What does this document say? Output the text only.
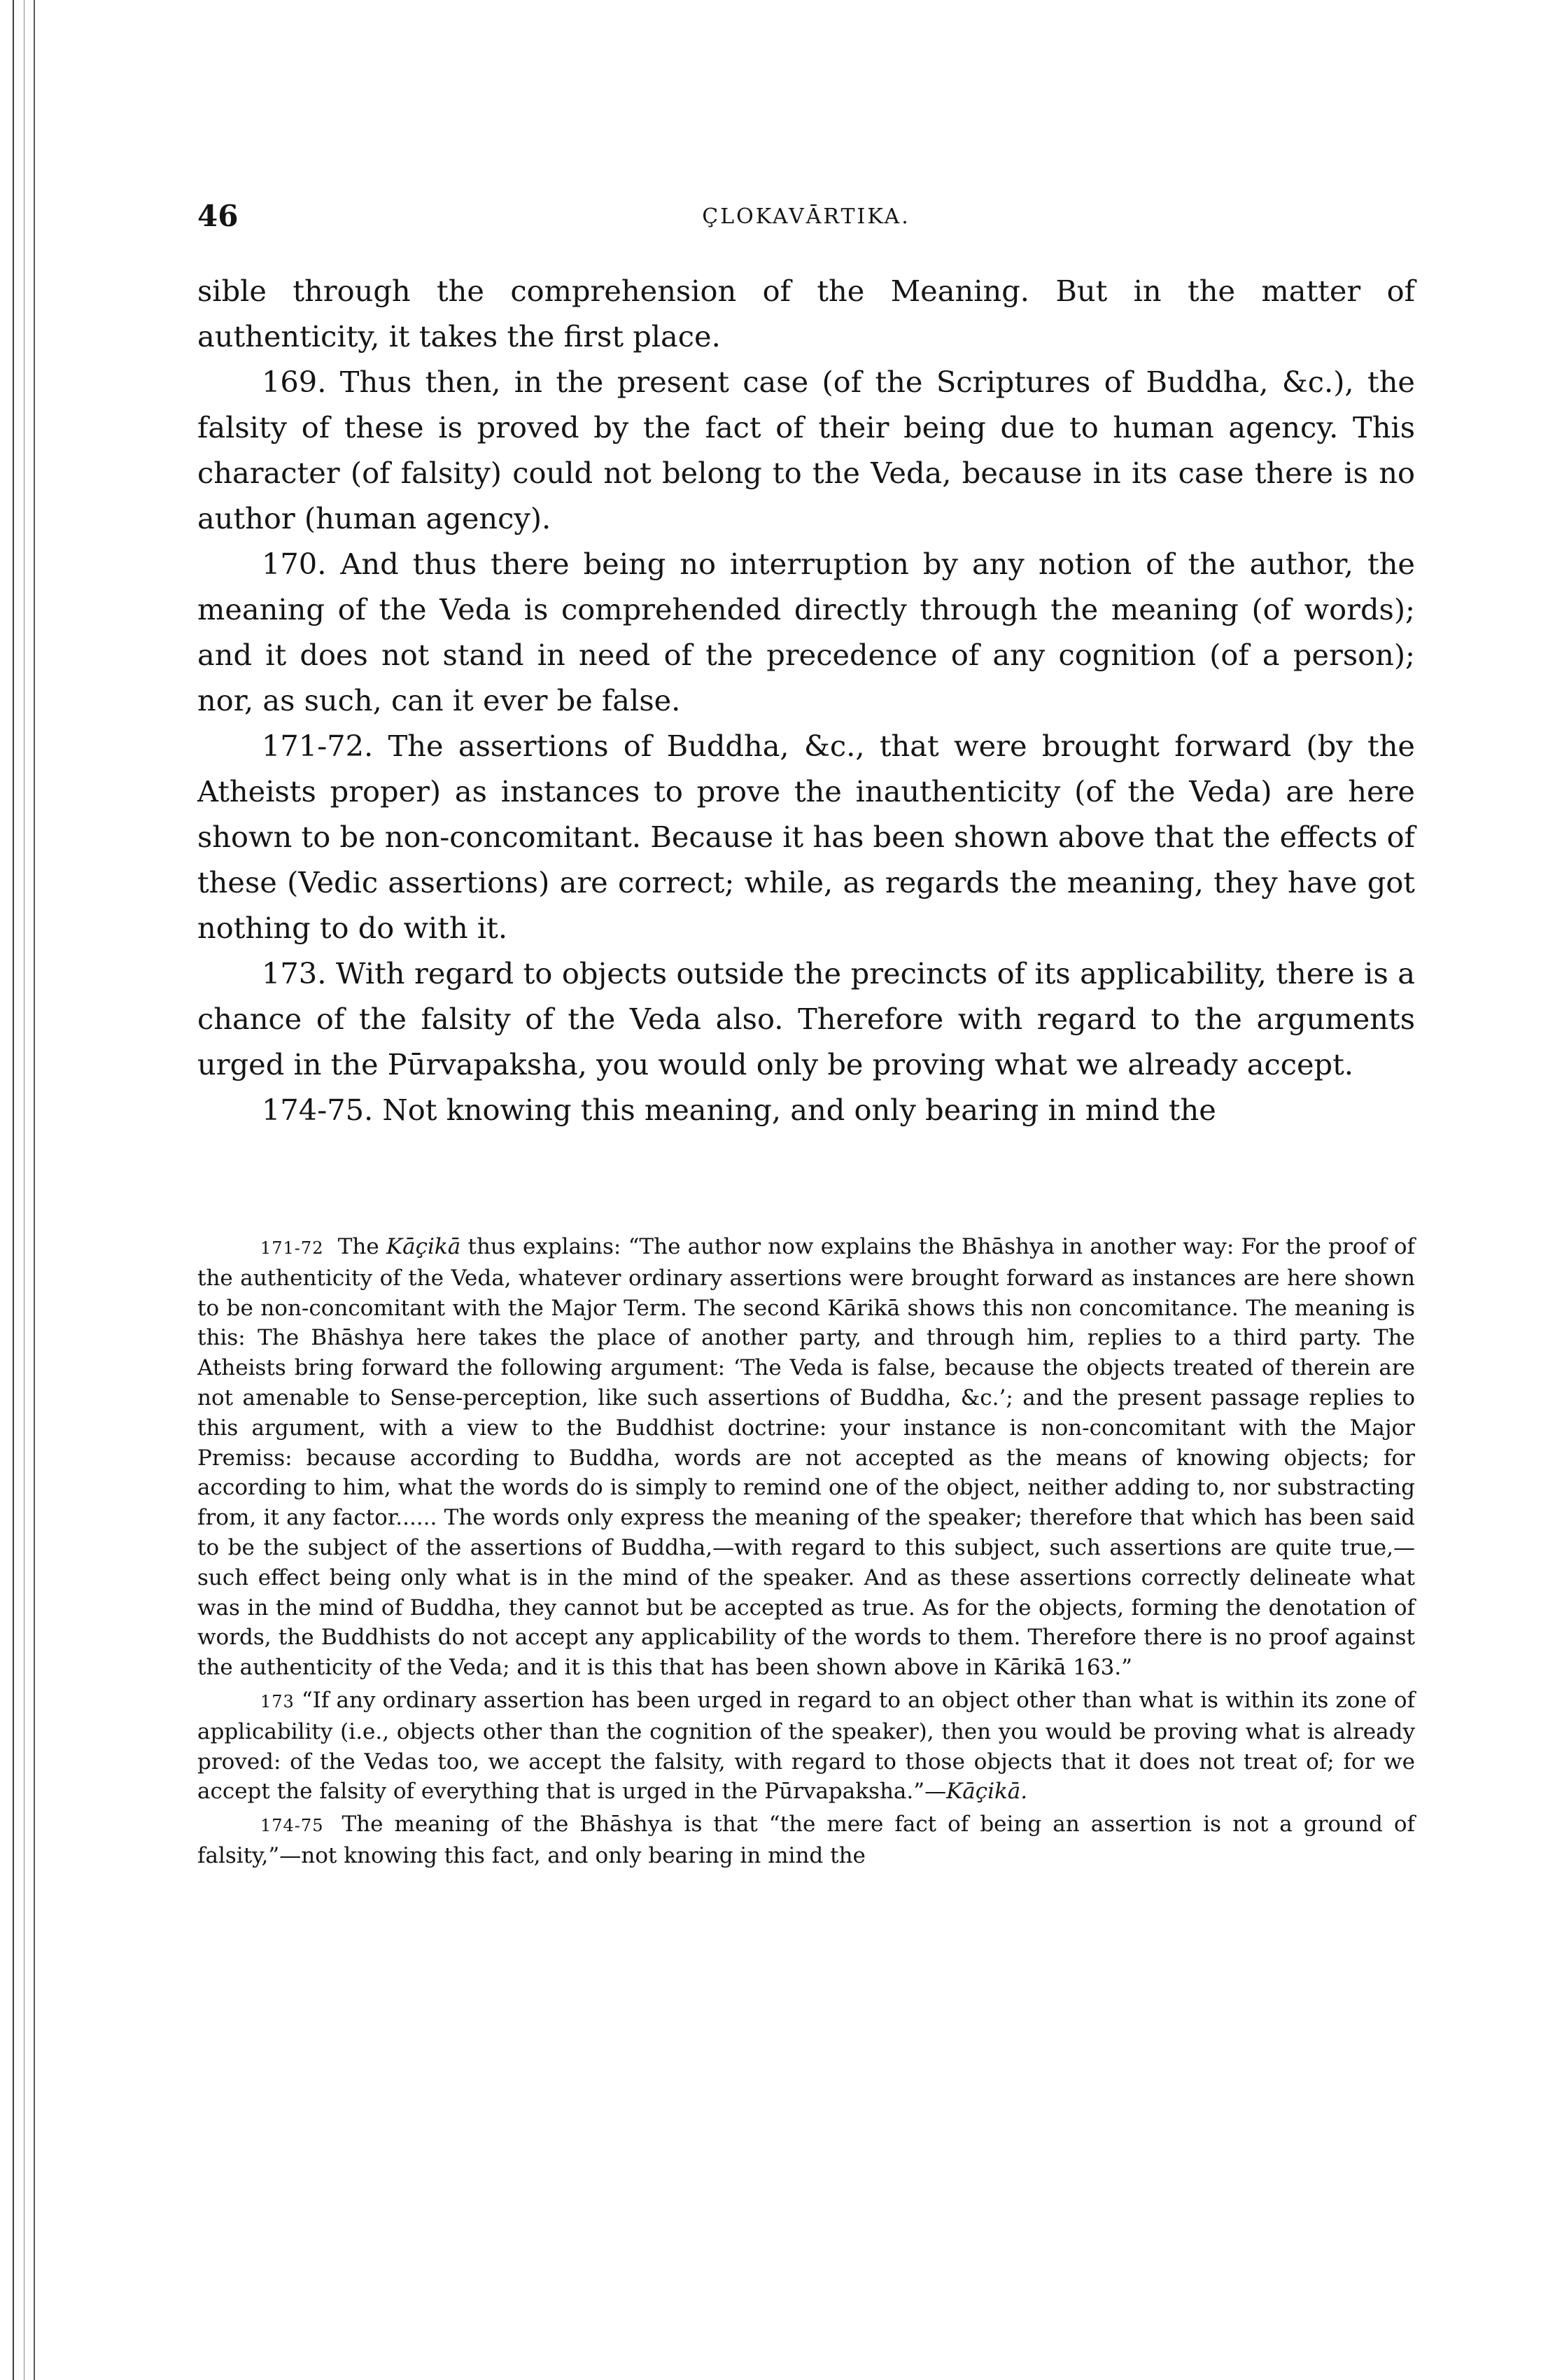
46	ÇLOKAVĀRTIKA.

sible through the comprehension of the Meaning. But in the matter of authenticity, it takes the first place.

169. Thus then, in the present case (of the Scriptures of Buddha, &c.), the falsity of these is proved by the fact of their being due to human agency. This character (of falsity) could not belong to the Veda, because in its case there is no author (human agency).

170. And thus there being no interruption by any notion of the author, the meaning of the Veda is comprehended directly through the meaning (of words); and it does not stand in need of the precedence of any cognition (of a person); nor, as such, can it ever be false.

171-72. The assertions of Buddha, &c., that were brought forward (by the Atheists proper) as instances to prove the inauthenticity (of the Veda) are here shown to be non-concomitant. Because it has been shown above that the effects of these (Vedic assertions) are correct; while, as regards the meaning, they have got nothing to do with it.

173. With regard to objects outside the precincts of its applicability, there is a chance of the falsity of the Veda also. Therefore with regard to the arguments urged in the Pūrvapaksha, you would only be proving what we already accept.

174-75. Not knowing this meaning, and only bearing in mind the

171-72 The Kāçikā thus explains: “The author now explains the Bhāshya in another way: For the proof of the authenticity of the Veda, whatever ordinary assertions were brought forward as instances are here shown to be non-concomitant with the Major Term. The second Kārikā shows this non concomitance. The meaning is this: The Bhāshya here takes the place of another party, and through him, replies to a third party. The Atheists bring forward the following argument: ‘The Veda is false, because the objects treated of therein are not amenable to Sense-perception, like such assertions of Buddha, &c.’; and the present passage replies to this argument, with a view to the Buddhist doctrine: your instance is non-concomitant with the Major Premiss: because according to Buddha, words are not accepted as the means of knowing objects; for according to him, what the words do is simply to remind one of the object, neither adding to, nor substracting from, it any factor...... The words only express the meaning of the speaker; therefore that which has been said to be the subject of the assertions of Buddha,—with regard to this subject, such assertions are quite true,—such effect being only what is in the mind of the speaker. And as these assertions correctly delineate what was in the mind of Buddha, they cannot but be accepted as true. As for the objects, forming the denotation of words, the Buddhists do not accept any applicability of the words to them. Therefore there is no proof against the authenticity of the Veda; and it is this that has been shown above in Kārikā 163.”

173 “If any ordinary assertion has been urged in regard to an object other than what is within its zone of applicability (i.e., objects other than the cognition of the speaker), then you would be proving what is already proved: of the Vedas too, we accept the falsity, with regard to those objects that it does not treat of; for we accept the falsity of everything that is urged in the Pūrvapaksha.”—Kāçikā.

174-75 The meaning of the Bhāshya is that “the mere fact of being an assertion is not a ground of falsity,”—not knowing this fact, and only bearing in mind the
